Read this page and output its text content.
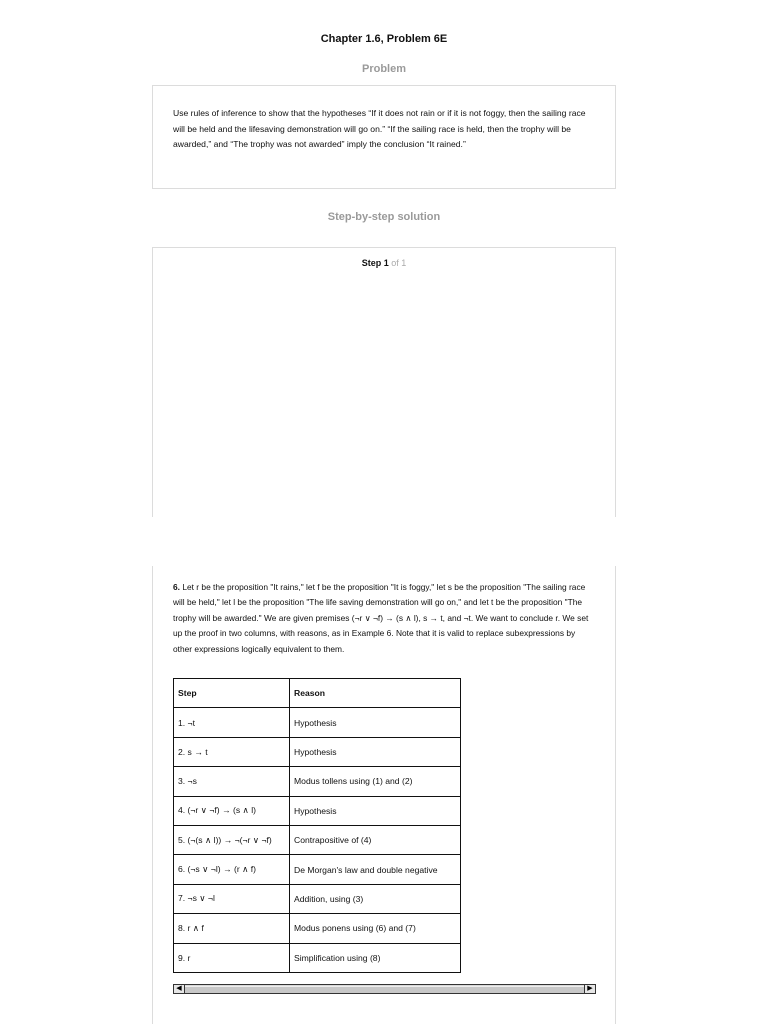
Chapter 1.6, Problem 6E
Problem

Use rules of inference to show that the hypotheses “If it does not rain or if it is not foggy, then the sailing race will be held and the lifesaving demonstration will go on.” “If the sailing race is held, then the trophy will be awarded,” and “The trophy was not awarded” imply the conclusion “It rained.”

Step-by-step solution
Step 1 of 1

6. Let r be the proposition "It rains," let f be the proposition "It is foggy," let s be the proposition "The sailing race will be held," let l be the proposition "The life saving demonstration will go on," and let t be the proposition "The trophy will be awarded." We are given premises (¬r ∨ ¬f) → (s ∧ l), s → t, and ¬t. We want to conclude r. We set up the proof in two columns, with reasons, as in Example 6. Note that it is valid to replace subexpressions by other expressions logically equivalent to them.

Step	Reason
1. ¬t	Hypothesis
2. s → t	Hypothesis
3. ¬s	Modus tollens using (1) and (2)
4. (¬r ∨ ¬f) → (s ∧ l)	Hypothesis
5. (¬(s ∧ l)) → ¬(¬r ∨ ¬f)	Contrapositive of (4)
6. (¬s ∨ ¬l) → (r ∧ f)	De Morgan's law and double negative
7. ¬s ∨ ¬l	Addition, using (3)
8. r ∧ f	Modus ponens using (6) and (7)
9. r	Simplification using (8)
◀	▶
